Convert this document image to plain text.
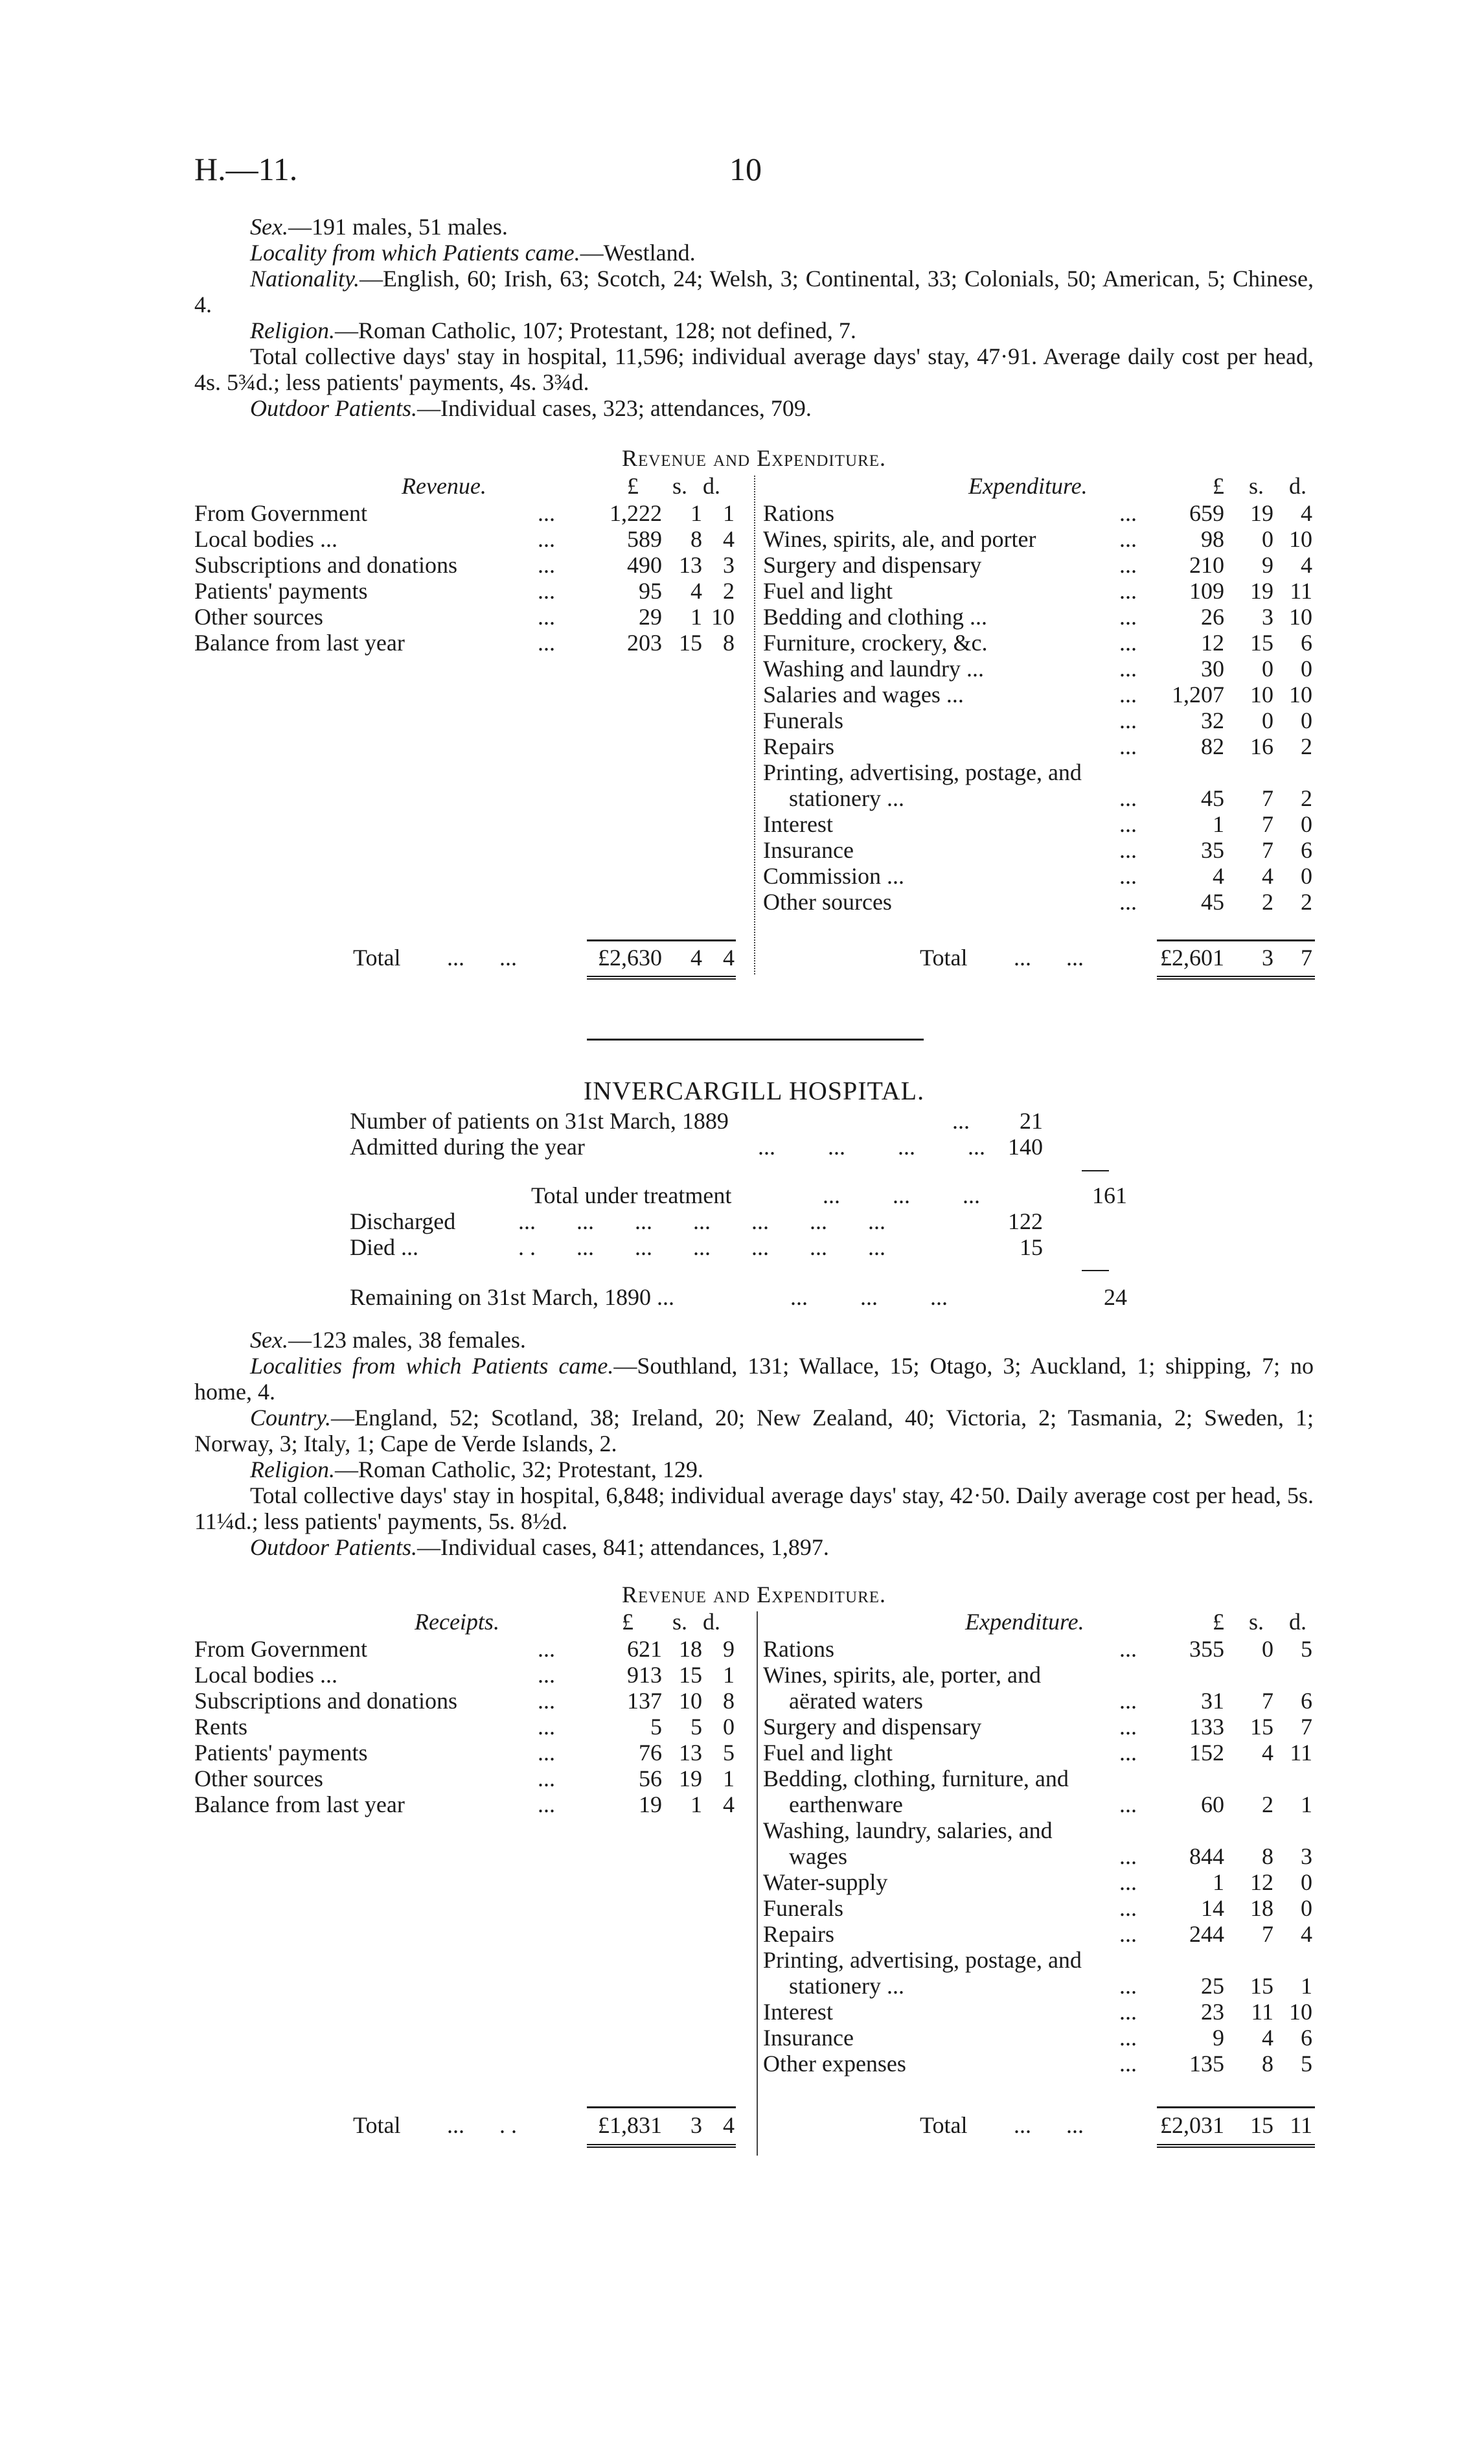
H.—11.	10
Sex.—191 males, 51 males.
Locality from which Patients came.—Westland.
Nationality.—English, 60; Irish, 63; Scotch, 24; Welsh, 3; Continental, 33; Colonials, 50; American, 5; Chinese, 4.
Religion.—Roman Catholic, 107; Protestant, 128; not defined, 7.
Total collective days' stay in hospital, 11,596; individual average days' stay, 47·91. Average daily cost per head, 4s. 5¾d.; less patients' payments, 4s. 3¾d.
Outdoor Patients.—Individual cases, 323; attendances, 709.
Revenue and Expenditure.
Revenue.	£ s. d.	Expenditure.	£ s. d.
From Government	...	1,222	1 1
Local bodies ...	...	589	8 4
Subscriptions and donations	...	490 13 3
Patients' payments	...	95	4 2
Other sources	...	29	1 10
Balance from last year	...	203 15 8
Rations	...	659	19	4
Wines, spirits, ale, and porter	...	98	0 10
Surgery and dispensary	...	210	9	4
Fuel and light	...	109	19 11
Bedding and clothing ...	...	26	3 10
Furniture, crockery, &c.	...	12	15	6
Washing and laundry ...	...	30	0	0
Salaries and wages ...	...	1,207	10 10
Funerals	...	32	0	0
Repairs	...	82	16	2
Printing, advertising, postage, and
stationery ...	...	45	7	2
Interest	...	1	7	0
Insurance	...	35	7	6
Commission ...	...	4	4	0
Other sources	...	45	2	2
Total ...      ...	£2,630	4 4	Total ...      ...	£2,601	3	7
INVERCARGILL HOSPITAL.
Number of patients on 31st March, 1889	...	21
Admitted during the year	...         ...         ...         ... 140
Total under treatment	...         ...         ...	161
Discharged	...       ...       ...       ...       ...       ...       ...	122
Died ...	. .       ...       ...       ...       ...       ...       ...	15
Remaining on 31st March, 1890 ...	...         ...         ...	24
Sex.—123 males, 38 females.
Localities from which Patients came.—Southland, 131; Wallace, 15; Otago, 3; Auckland, 1; shipping, 7; no home, 4.
Country.—England, 52; Scotland, 38; Ireland, 20; New Zealand, 40; Victoria, 2; Tasmania, 2; Sweden, 1; Norway, 3; Italy, 1; Cape de Verde Islands, 2.
Religion.—Roman Catholic, 32; Protestant, 129.
Total collective days' stay in hospital, 6,848; individual average days' stay, 42·50. Daily average cost per head, 5s. 11¼d.; less patients' payments, 5s. 8½d.
Outdoor Patients.—Individual cases, 841; attendances, 1,897.
Revenue and Expenditure.
Receipts.	£ s. d.	Expenditure.	£ s. d.
From Government	...	621 18 9
Local bodies ...	...	913 15 1
Subscriptions and donations	...	137 10 8
Rents	...	5	5 0
Patients' payments	...	76 13 5
Other sources	...	56 19 1
Balance from last year	...	19	1 4
Rations	...	355	0	5
Wines, spirits, ale, porter, and
aërated waters	...	31	7	6
Surgery and dispensary	...	133	15	7
Fuel and light	...	152	4 11
Bedding, clothing, furniture, and
earthenware	...	60	2	1
Washing, laundry, salaries, and
wages	...	844	8	3
Water-supply	...	1	12	0
Funerals	...	14	18	0
Repairs	...	244	7	4
Printing, advertising, postage, and
stationery ...	...	25	15	1
Interest	...	23	11 10
Insurance	...	9	4	6
Other expenses	...	135	8	5
Total ...      . .	£1,831	3 4	Total ...      ...	£2,031	15 11
